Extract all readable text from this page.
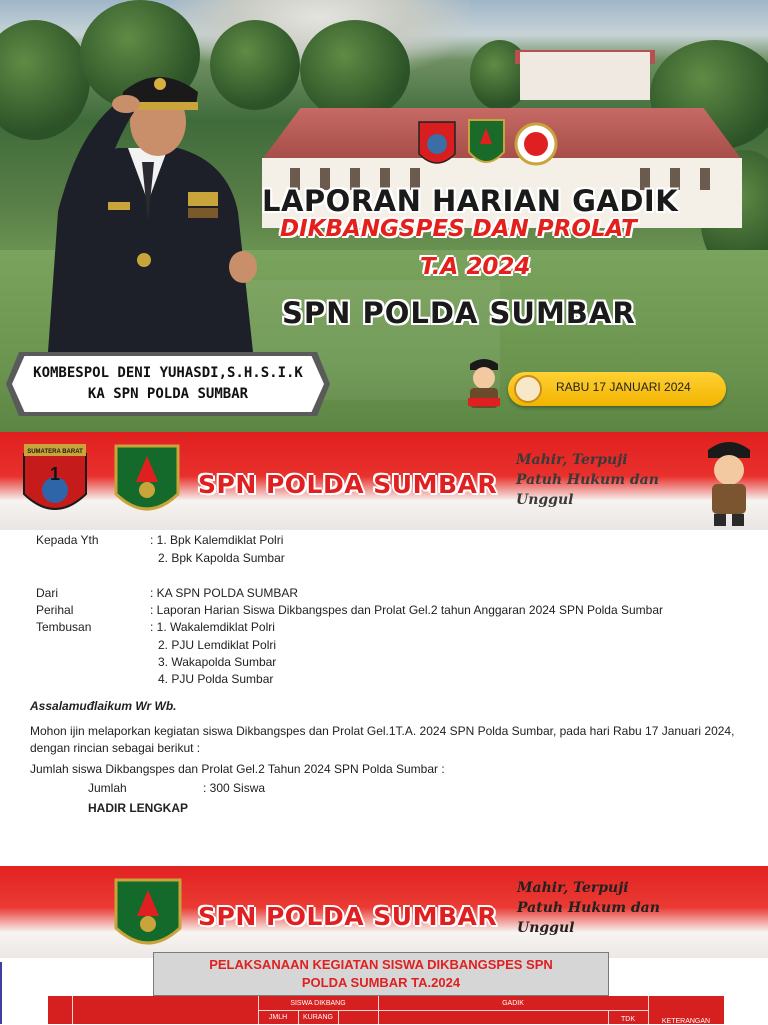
LAPORAN HARIAN GADIK
DIKBANGSPES DAN PROLAT
T.A 2024
SPN POLDA SUMBAR
KOMBESPOL DENI YUHASDI,S.H.S.I.K
KA SPN POLDA SUMBAR	RABU 17 JANUARI 2024
SUMATERA BARAT
1	SPN POLDA SUMBAR
Mahir, Terpuji
Patuh Hukum dan
Unggul
Kepada Yth	: 1. Bpk Kalemdiklat Polri
2. Bpk Kapolda Sumbar
Dari	: KA SPN POLDA SUMBAR
Perihal	: Laporan Harian Siswa Dikbangspes dan Prolat Gel.2 tahun Anggaran 2024 SPN Polda Sumbar
Tembusan	: 1. Wakalemdiklat Polri
2. PJU Lemdiklat Polri
3. Wakapolda Sumbar
4. PJU Polda Sumbar
Assalamuđlaikum Wr Wb.
Mohon ijin melaporkan kegiatan siswa Dikbangspes dan Prolat Gel.1T.A. 2024 SPN Polda Sumbar, pada hari Rabu 17 Januari 2024,
dengan rincian sebagai berikut :
Jumlah siswa Dikbangspes dan Prolat Gel.2 Tahun 2024 SPN Polda Sumbar :
Jumlah	: 300 Siswa
HADIR LENGKAP
SPN POLDA SUMBAR
Mahir, Terpuji
Patuh Hukum dan
Unggul
PELAKSANAAN KEGIATAN SISWA DIKBANGSPES SPN
POLDA SUMBAR TA.2024
SISWA DIKBANG	GADIK
JMLH	KURANG	TDK	KETERANGAN
